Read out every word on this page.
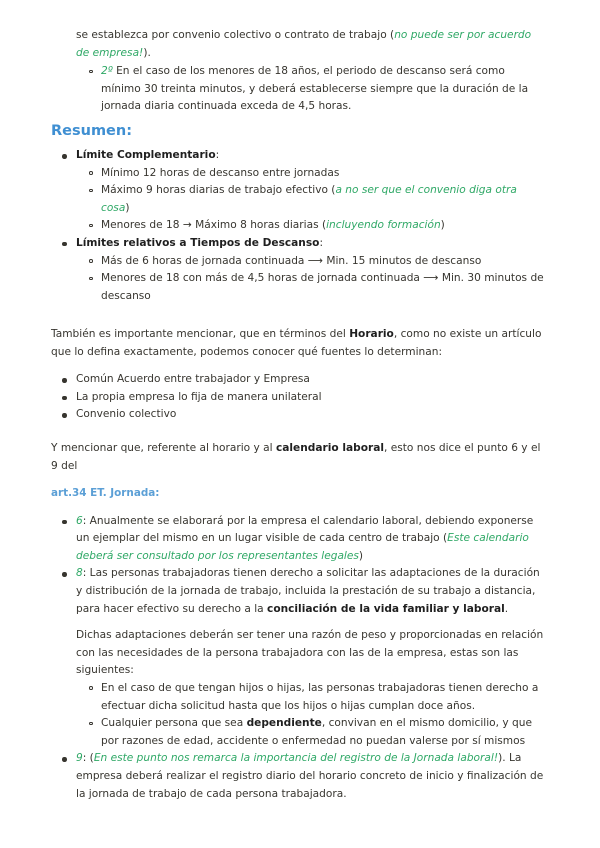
se establezca por convenio colectivo o contrato de trabajo (no puede ser por acuerdo de empresa!).

2º En el caso de los menores de 18 años, el periodo de descanso será como mínimo 30 treinta minutos, y deberá establecerse siempre que la duración de la jornada diaria continuada exceda de 4,5 horas.
Resumen:
Límite Complementario:
Mínimo 12 horas de descanso entre jornadas
Máximo 9 horas diarias de trabajo efectivo (a no ser que el convenio diga otra cosa)
Menores de 18 → Máximo 8 horas diarias (incluyendo formación)
Límites relativos a Tiempos de Descanso:
Más de 6 horas de jornada continuada ⟶ Min. 15 minutos de descanso
Menores de 18 con más de 4,5 horas de jornada continuada ⟶ Min. 30 minutos de descanso

También es importante mencionar, que en términos del Horario, como no existe un artículo que lo defina exactamente, podemos conocer qué fuentes lo determinan:

Común Acuerdo entre trabajador y Empresa
La propia empresa lo fija de manera unilateral
Convenio colectivo

Y mencionar que, referente al horario y al calendario laboral, esto nos dice el punto 6 y el 9 del

art.34 ET. Jornada:
6: Anualmente se elaborará por la empresa el calendario laboral, debiendo exponerse un ejemplar del mismo en un lugar visible de cada centro de trabajo (Este calendario deberá ser consultado por los representantes legales)
8: Las personas trabajadoras tienen derecho a solicitar las adaptaciones de la duración y distribución de la jornada de trabajo, incluida la prestación de su trabajo a distancia, para hacer efectivo su derecho a la conciliación de la vida familiar y laboral.

Dichas adaptaciones deberán ser tener una razón de peso y proporcionadas en relación con las necesidades de la persona trabajadora con las de la empresa, estas son las siguientes:

En el caso de que tengan hijos o hijas, las personas trabajadoras tienen derecho a efectuar dicha solicitud hasta que los hijos o hijas cumplan doce años.
Cualquier persona que sea dependiente, convivan en el mismo domicilio, y que por razones de edad, accidente o enfermedad no puedan valerse por sí mismos
9: (En este punto nos remarca la importancia del registro de la Jornada laboral!). La empresa deberá realizar el registro diario del horario concreto de inicio y finalización de la jornada de trabajo de cada persona trabajadora.
